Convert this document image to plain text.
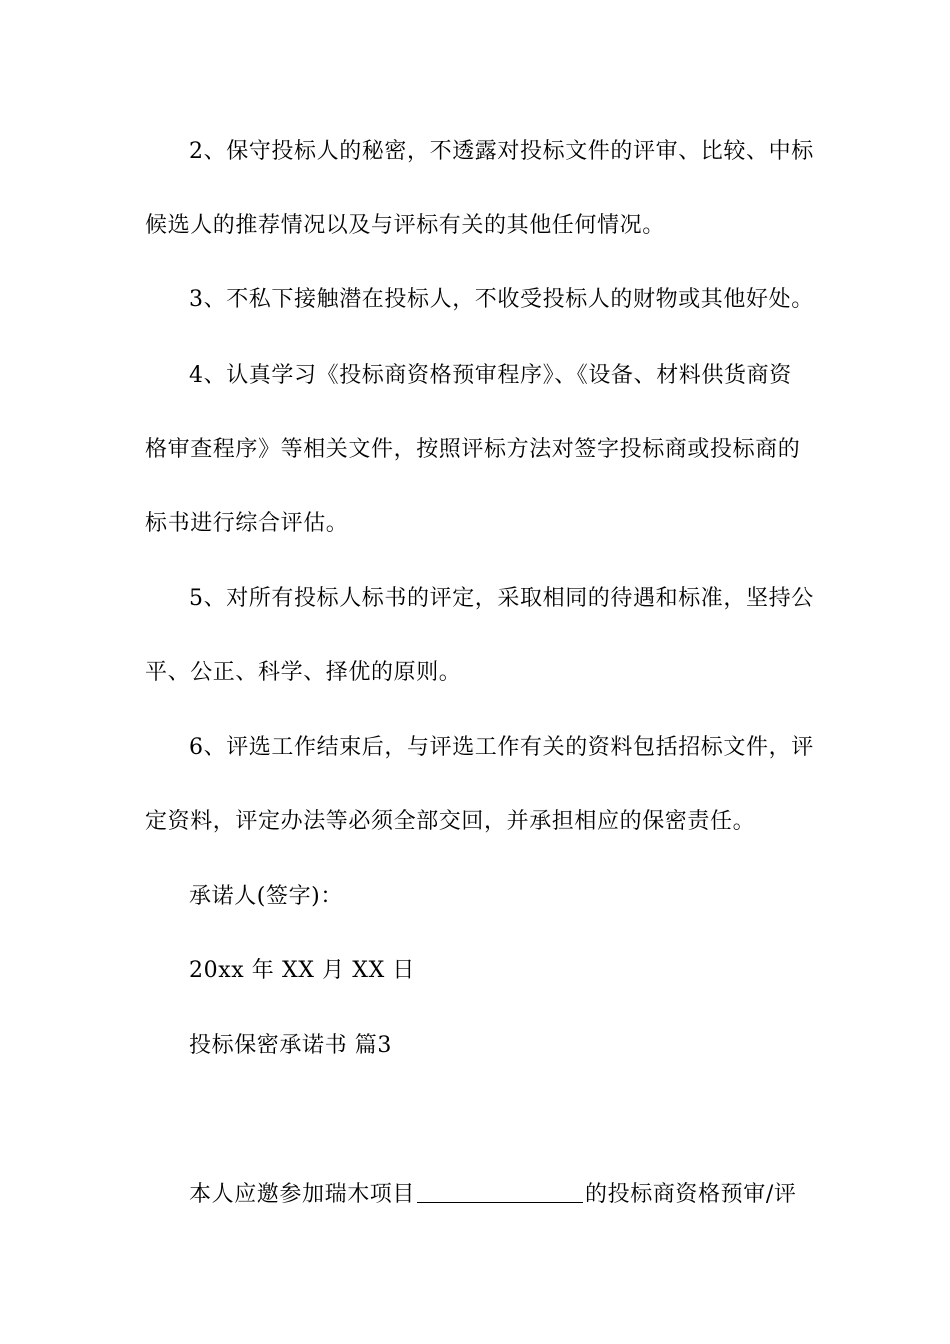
2、保守投标人的秘密，不透露对投标文件的评审、比较、中标
候选人的推荐情况以及与评标有关的其他任何情况。
3、不私下接触潜在投标人，不收受投标人的财物或其他好处。
4、认真学习《投标商资格预审程序》、《设备、材料供货商资
格审查程序》等相关文件，按照评标方法对签字投标商或投标商的
标书进行综合评估。
5、对所有投标人标书的评定，采取相同的待遇和标准，坚持公
平、公正、科学、择优的原则。
6、评选工作结束后，与评选工作有关的资料包括招标文件，评
定资料，评定办法等必须全部交回，并承担相应的保密责任。
承诺人(签字)：
20xx 年 XX 月 XX 日
投标保密承诺书 篇3
本人应邀参加瑞木项目	的投标商资格预审/评
